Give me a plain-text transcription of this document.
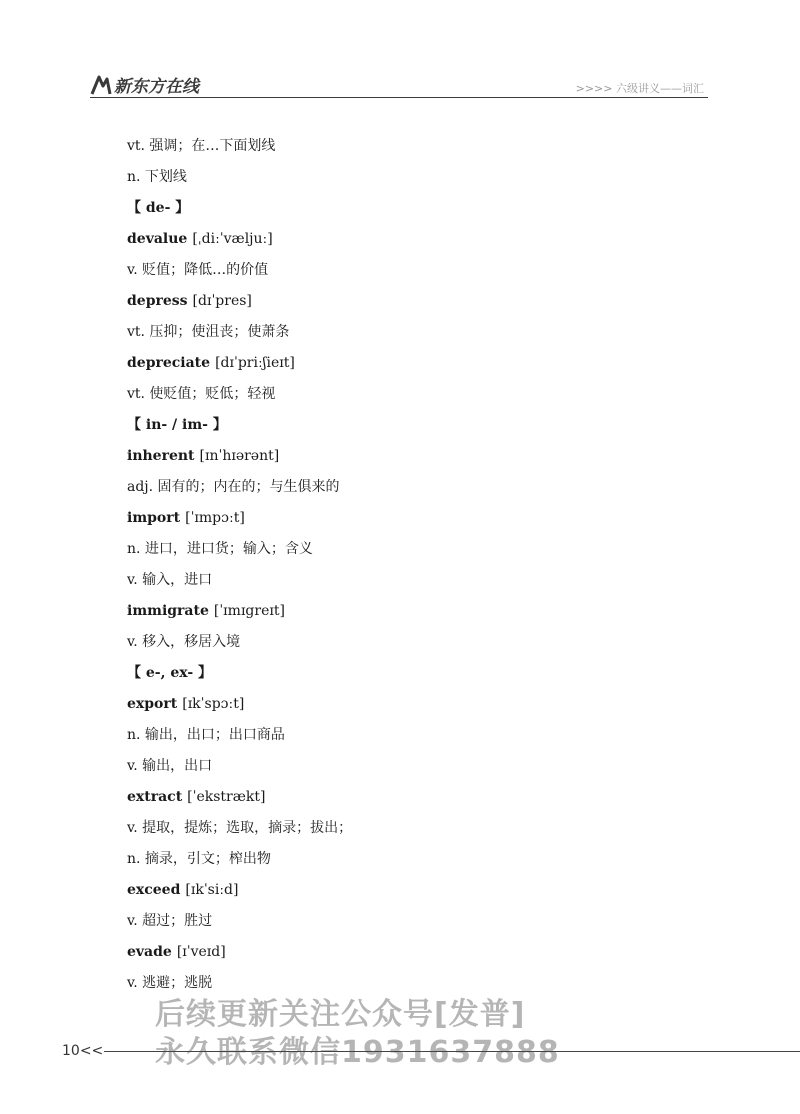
新东方在线	>>>> 六级讲义——词汇
vt. 强调；在…下面划线
n. 下划线
【 de- 】
devalue [ˌdiːˈvæljuː]
v. 贬值；降低…的价值
depress [dɪˈpres]
vt. 压抑；使沮丧；使萧条
depreciate [dɪˈpriːʃieɪt]
vt. 使贬值；贬低；轻视
【 in- / im- 】
inherent [ɪnˈhɪərənt]
adj. 固有的；内在的；与生俱来的
import [ˈɪmpɔːt]
n. 进口，进口货；输入；含义
v. 输入，进口
immigrate [ˈɪmɪgreɪt]
v. 移入，移居入境
【 e-, ex- 】
export [ɪkˈspɔːt]
n. 输出，出口；出口商品
v. 输出，出口
extract [ˈekstrækt]
v. 提取，提炼；选取，摘录；拔出；
n. 摘录，引文；榨出物
exceed [ɪkˈsiːd]
v. 超过；胜过
evade [ɪˈveɪd]
v. 逃避；逃脱
后续更新关注公众号[发普]
永久联系微信1931637888
10<<
